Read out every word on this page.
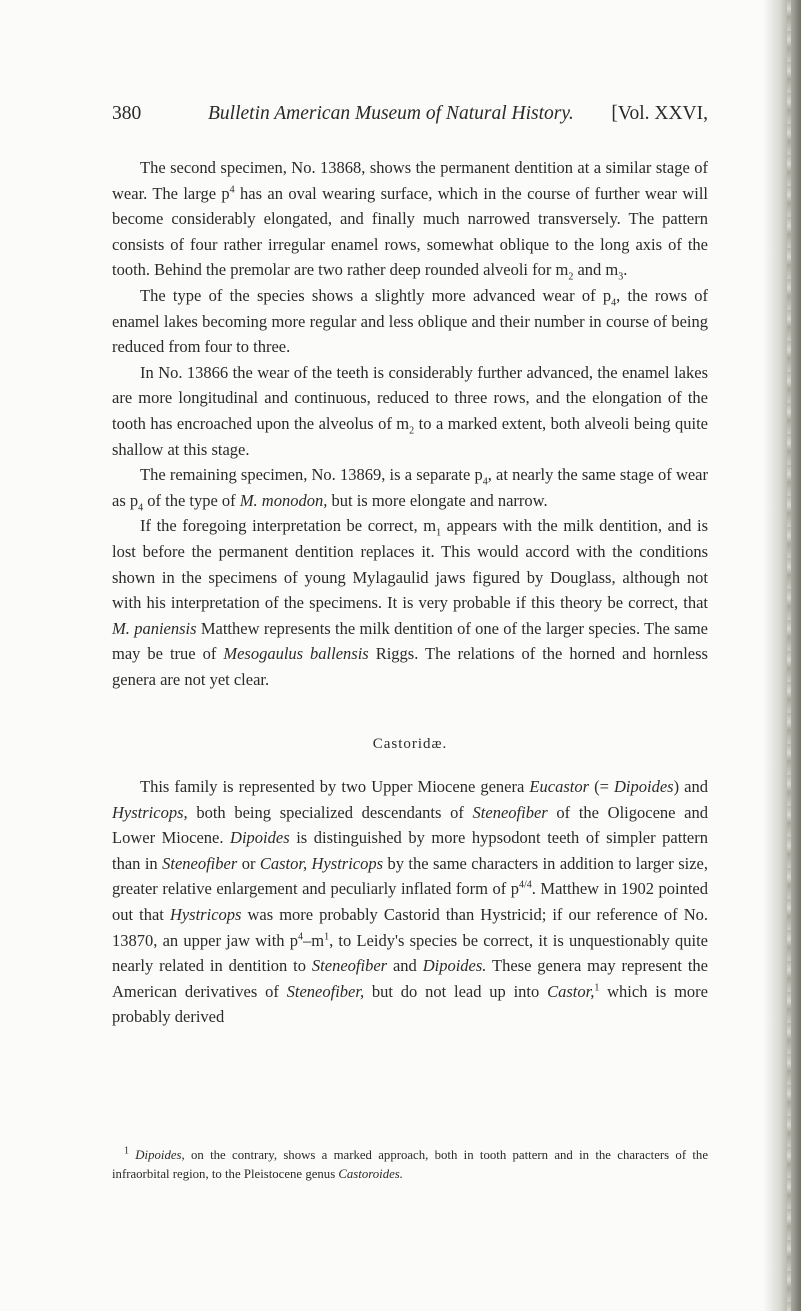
380	Bulletin American Museum of Natural History. [Vol. XXVI,

The second specimen, No. 13868, shows the permanent dentition at a similar stage of wear. The large $p^4$ has an oval wearing surface, which in the course of further wear will become considerably elongated, and finally much narrowed transversely. The pattern consists of four rather irregular enamel rows, somewhat oblique to the long axis of the tooth. Behind the premolar are two rather deep rounded alveoli for $m_2$ and $m_3$.

The type of the species shows a slightly more advanced wear of $p_4$, the rows of enamel lakes becoming more regular and less oblique and their number in course of being reduced from four to three.

In No. 13866 the wear of the teeth is considerably further advanced, the enamel lakes are more longitudinal and continuous, reduced to three rows, and the elongation of the tooth has encroached upon the alveolus of $m_2$ to a marked extent, both alveoli being quite shallow at this stage.

The remaining specimen, No. 13869, is a separate $p_4$, at nearly the same stage of wear as $p_4$ of the type of M. monodon, but is more elongate and narrow.

If the foregoing interpretation be correct, $m_1$ appears with the milk dentition, and is lost before the permanent dentition replaces it. This would accord with the conditions shown in the specimens of young Mylagaulid jaws figured by Douglass, although not with his interpretation of the specimens. It is very probable if this theory be correct, that M. paniensis Matthew represents the milk dentition of one of the larger species. The same may be true of Mesogaulus ballensis Riggs. The relations of the horned and hornless genera are not yet clear.

Castoridæ.

This family is represented by two Upper Miocene genera Eucastor (= Dipoides) and Hystricops, both being specialized descendants of Steneofiber of the Oligocene and Lower Miocene. Dipoides is distinguished by more hypsodont teeth of simpler pattern than in Steneofiber or Castor, Hystricops by the same characters in addition to larger size, greater relative enlargement and peculiarly inflated form of $p^{4/4}$. Matthew in 1902 pointed out that Hystricops was more probably Castorid than Hystricid; if our reference of No. 13870, an upper jaw with $p^4-m^1$, to Leidy's species be correct, it is unquestionably quite nearly related in dentition to Steneofiber and Dipoides. These genera may represent the American derivatives of Steneofiber, but do not lead up into Castor,$^1$ which is more probably derived

$^1$ Dipoides, on the contrary, shows a marked approach, both in tooth pattern and in the characters of the infraorbital region, to the Pleistocene genus Castoroides.
